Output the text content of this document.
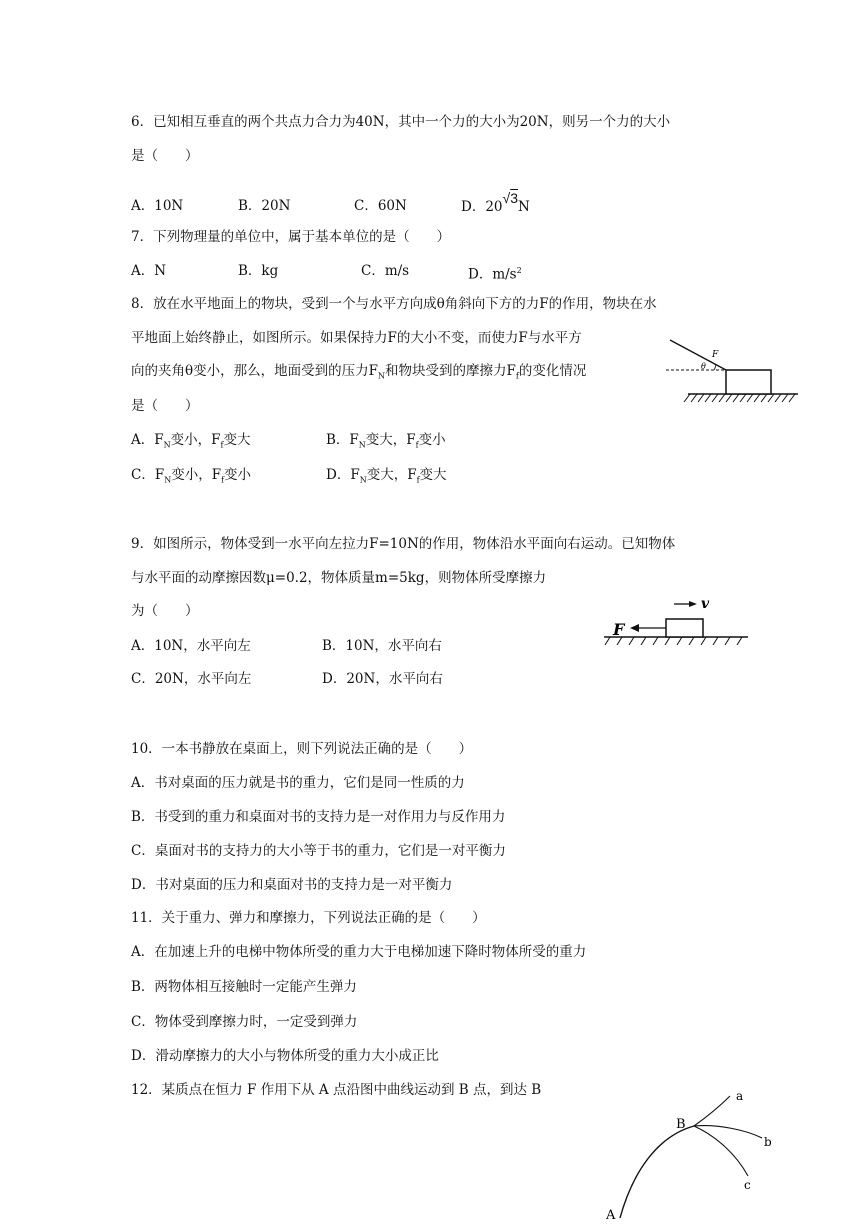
6．已知相互垂直的两个共点力合力为40N，其中一个力的大小为20N，则另一个力的大小
是（　　）
A．10N	B．20N	C．60N	D．20√3N
7．下列物理量的单位中，属于基本单位的是（　　）
A．N	B．kg	C．m/s	D．$m/s^2$
8．放在水平地面上的物块，受到一个与水平方向成θ角斜向下方的力F的作用，物块在水
平地面上始终静止，如图所示。如果保持力F的大小不变，而使力F与水平方
向的夹角θ变小，那么，地面受到的压力$F_N$和物块受到的摩擦力$F_f$的变化情况
是（　　）
A．$F_N$变小，$F_f$变大	B．$F_N$变大，$F_f$变小
C．$F_N$变小，$F_f$变小	D．$F_N$变大，$F_f$变大
F
θ
9．如图所示，物体受到一水平向左拉力F=10N的作用，物体沿水平面向右运动。已知物体
与水平面的动摩擦因数μ=0.2，物体质量m=5kg，则物体所受摩擦力
为（　　）
A．10N，水平向左	B．10N，水平向右
C．20N，水平向左	D．20N，水平向右
F
v
10．一本书静放在桌面上，则下列说法正确的是（　　）
A．书对桌面的压力就是书的重力，它们是同一性质的力
B．书受到的重力和桌面对书的支持力是一对作用力与反作用力
C．桌面对书的支持力的大小等于书的重力，它们是一对平衡力
D．书对桌面的压力和桌面对书的支持力是一对平衡力
11．关于重力、弹力和摩擦力，下列说法正确的是（　　）
A．在加速上升的电梯中物体所受的重力大于电梯加速下降时物体所受的重力
B．两物体相互接触时一定能产生弹力
C．物体受到摩擦力时，一定受到弹力
D．滑动摩擦力的大小与物体所受的重力大小成正比
12．某质点在恒力 F 作用下从 A 点沿图中曲线运动到 B 点，到达 B
A
B
a
b
c
